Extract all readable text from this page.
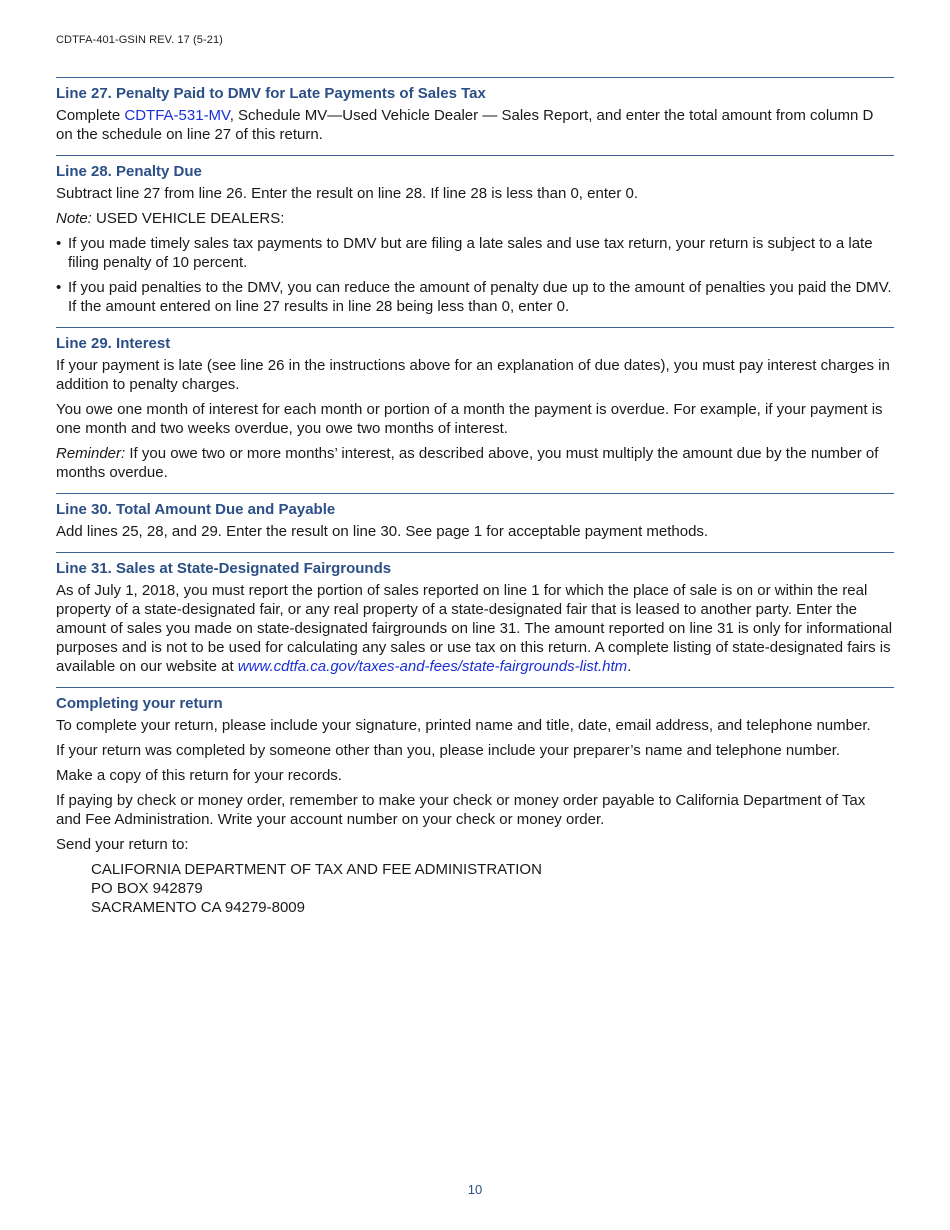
CDTFA-401-GSIN REV. 17 (5-21)

Line 27. Penalty Paid to DMV for Late Payments of Sales Tax

Complete CDTFA-531-MV, Schedule MV—Used Vehicle Dealer — Sales Report, and enter the total amount from column D on the schedule on line 27 of this return.

Line 28. Penalty Due

Subtract line 27 from line 26. Enter the result on line 28. If line 28 is less than 0, enter 0.

Note: USED VEHICLE DEALERS:

• If you made timely sales tax payments to DMV but are filing a late sales and use tax return, your return is subject to a late filing penalty of 10 percent.
• If you paid penalties to the DMV, you can reduce the amount of penalty due up to the amount of penalties you paid the DMV. If the amount entered on line 27 results in line 28 being less than 0, enter 0.

Line 29. Interest

If your payment is late (see line 26 in the instructions above for an explanation of due dates), you must pay interest charges in addition to penalty charges.

You owe one month of interest for each month or portion of a month the payment is overdue. For example, if your payment is one month and two weeks overdue, you owe two months of interest.

Reminder: If you owe two or more months’ interest, as described above, you must multiply the amount due by the number of months overdue.

Line 30. Total Amount Due and Payable

Add lines 25, 28, and 29. Enter the result on line 30. See page 1 for acceptable payment methods.

Line 31. Sales at State-Designated Fairgrounds

As of July 1, 2018, you must report the portion of sales reported on line 1 for which the place of sale is on or within the real property of a state-designated fair, or any real property of a state-designated fair that is leased to another party. Enter the amount of sales you made on state-designated fairgrounds on line 31. The amount reported on line 31 is only for informational purposes and is not to be used for calculating any sales or use tax on this return. A complete listing of state-designated fairs is available on our website at www.cdtfa.ca.gov/taxes-and-fees/state-fairgrounds-list.htm.

Completing your return

To complete your return, please include your signature, printed name and title, date, email address, and telephone number.

If your return was completed by someone other than you, please include your preparer’s name and telephone number.

Make a copy of this return for your records.

If paying by check or money order, remember to make your check or money order payable to California Department of Tax and Fee Administration. Write your account number on your check or money order.

Send your return to:

CALIFORNIA DEPARTMENT OF TAX AND FEE ADMINISTRATION
PO BOX 942879
SACRAMENTO CA 94279-8009
10
